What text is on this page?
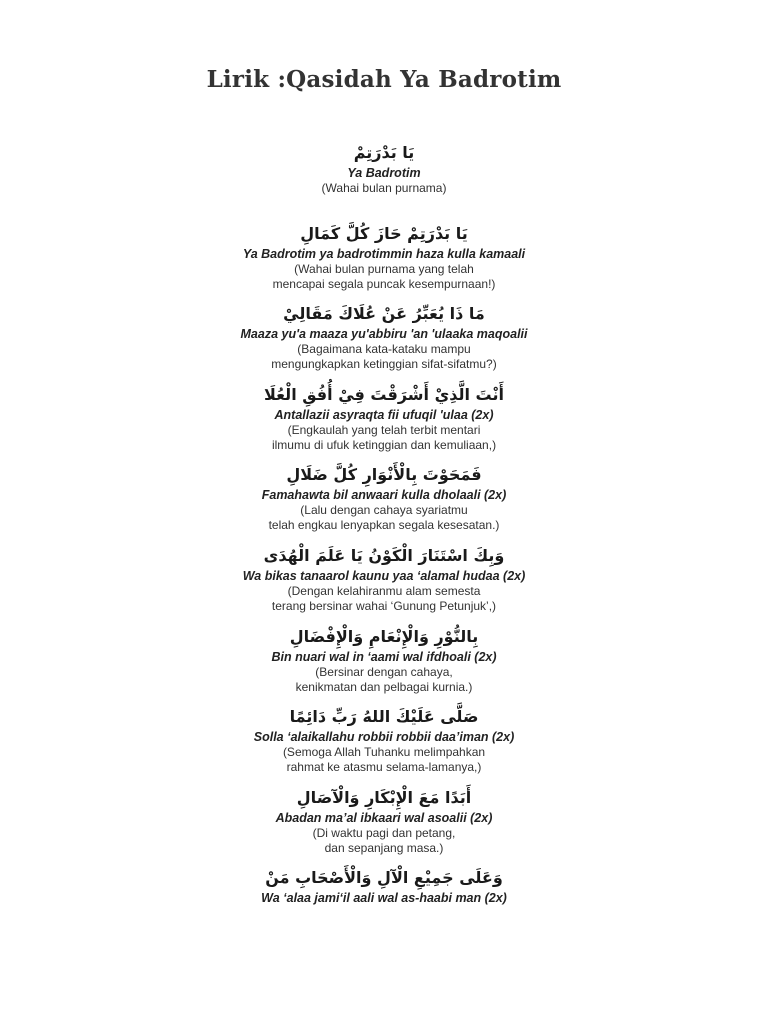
Lirik :Qasidah Ya Badrotim
يَا بَدْرَتِمْ
Ya Badrotim
(Wahai bulan purnama)
يَا بَدْرَتِمْ حَازَ كُلَّ كَمَالِ
Ya Badrotim ya badrotimmin haza kulla kamaali
(Wahai bulan purnama yang telah
mencapai segala puncak kesempurnaan!)
مَا ذَا يُعَبِّرُ عَنْ عُلَاكَ مَقَالِيْ
Maaza yu'a maaza yu'abbiru 'an 'ulaaka maqoalii
(Bagaimana kata-kataku mampu
mengungkapkan ketinggian sifat-sifatmu?)
أَنْتَ الَّذِيْ أَشْرَقْتَ فِيْ أُفُقِ الْعُلَا
Antallazii asyraqta fii ufuqil 'ulaa (2x)
(Engkaulah yang telah terbit mentari
ilmumu di ufuk ketinggian dan kemuliaan,)
فَمَحَوْتَ بِالْأَنْوَارِ كُلَّ ضَلَالِ
Famahawta bil anwaari kulla dholaali (2x)
(Lalu dengan cahaya syariatmu
telah engkau lenyapkan segala kesesatan.)
وَبِكَ اسْتَنَارَ الْكَوْنُ يَا عَلَمَ الْهُدَى
Wa bikas tanaarol kaunu yaa ‘alamal hudaa (2x)
(Dengan kelahiranmu alam semesta
terang bersinar wahai ‘Gunung Petunjuk’,)
بِالنُّوْرِ وَالْإِنْعَامِ وَالْإِفْضَالِ
Bin nuari wal in ‘aami wal ifdhoali (2x)
(Bersinar dengan cahaya,
kenikmatan dan pelbagai kurnia.)
صَلَّى عَلَيْكَ اللهُ رَبِّ دَائِمًا
Solla ‘alaikallahu robbii robbii daa’iman (2x)
(Semoga Allah Tuhanku melimpahkan
rahmat ke atasmu selama-lamanya,)
أَبَدًا مَعَ الْإِبْكَارِ وَالْآصَالِ
Abadan ma’al ibkaari wal asoalii (2x)
(Di waktu pagi dan petang,
dan sepanjang masa.)
وَعَلَى جَمِيْعِ الْآلِ وَالْأَصْحَابِ مَنْ
Wa ‘alaa jami‘il aali wal as-haabi man (2x)
